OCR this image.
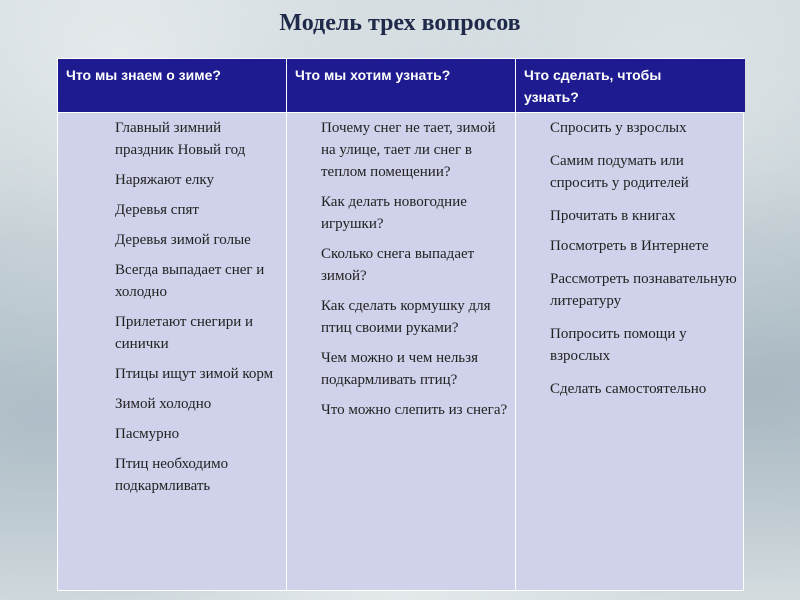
Модель трех вопросов
Что мы знаем о зиме?	Что мы хотим узнать?	Что сделать, чтобы узнать?
Главный зимний праздник Новый год
Наряжают елку
Деревья спят
Деревья зимой голые
Всегда выпадает снег и холодно
Прилетают снегири и синички
Птицы ищут зимой корм
Зимой холодно
Пасмурно
Птиц необходимо подкармливать
Почему снег не тает, зимой на улице, тает ли снег в теплом помещении?
Как делать новогодние игрушки?
Сколько снега выпадает зимой?
Как сделать кормушку для птиц своими руками?
Чем можно и чем нельзя подкармливать птиц?
Что можно слепить из снега?
Спросить у взрослых
Самим подумать или спросить у родителей
Прочитать в книгах
Посмотреть в Интернете
Рассмотреть познавательную литературу
Попросить помощи у взрослых
Сделать самостоятельно
